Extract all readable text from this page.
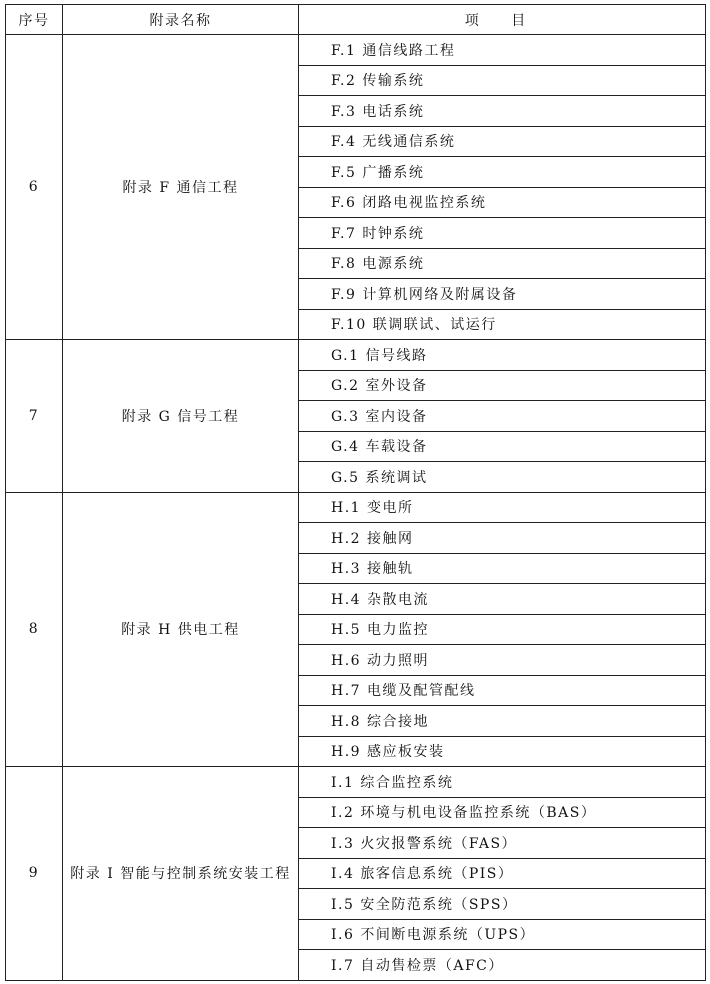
序号	附录名称	项 目
6	附录 F 通信工程	F.1 通信线路工程
		F.2 传输系统
		F.3 电话系统
		F.4 无线通信系统
		F.5 广播系统
		F.6 闭路电视监控系统
		F.7 时钟系统
		F.8 电源系统
		F.9 计算机网络及附属设备
		F.10 联调联试、试运行
7	附录 G 信号工程	G.1 信号线路
		G.2 室外设备
		G.3 室内设备
		G.4 车载设备
		G.5 系统调试
8	附录 H 供电工程	H.1 变电所
		H.2 接触网
		H.3 接触轨
		H.4 杂散电流
		H.5 电力监控
		H.6 动力照明
		H.7 电缆及配管配线
		H.8 综合接地
		H.9 感应板安装
9	附录 I 智能与控制系统安装工程	I.1 综合监控系统
		I.2 环境与机电设备监控系统（BAS）
		I.3 火灾报警系统（FAS）
		I.4 旅客信息系统（PIS）
		I.5 安全防范系统（SPS）
		I.6 不间断电源系统（UPS）
		I.7 自动售检票（AFC）
